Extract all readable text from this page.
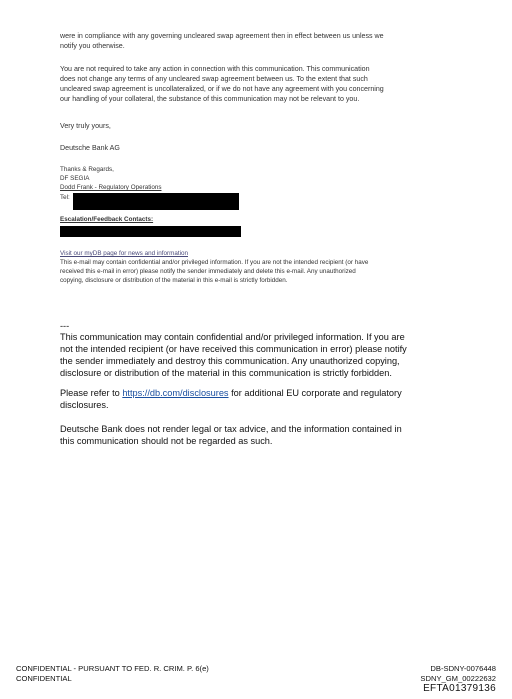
were in compliance with any governing uncleared swap agreement then in effect between us unless we
notify you otherwise.
You are not required to take any action in connection with this communication. This communication
does not change any terms of any uncleared swap agreement between us. To the extent that such
uncleared swap agreement is uncollateralized, or if we do not have any agreement with you concerning
our handling of your collateral, the substance of this communication may not be relevant to you.
Very truly yours,
Deutsche Bank AG
Thanks & Regards,
DF SEGIA
Dodd Frank - Regulatory Operations
Tel:
Escalation/Feedback Contacts:
Visit our myDB page for news and information
This e-mail may contain confidential and/or privileged information. If you are not the intended recipient (or have
received this e-mail in error) please notify the sender immediately and delete this e-mail. Any unauthorized
copying, disclosure or distribution of the material in this e-mail is strictly forbidden.
---
This communication may contain confidential and/or privileged information. If you are
not the intended recipient (or have received this communication in error) please notify
the sender immediately and destroy this communication. Any unauthorized copying,
disclosure or distribution of the material in this communication is strictly forbidden.
Please refer to https://db.com/disclosures for additional EU corporate and regulatory
disclosures.
Deutsche Bank does not render legal or tax advice, and the information contained in
this communication should not be regarded as such.
CONFIDENTIAL - PURSUANT TO FED. R. CRIM. P. 6(e)
CONFIDENTIAL
DB-SDNY-0076448
SDNY_GM_00222632
EFTA01379136
